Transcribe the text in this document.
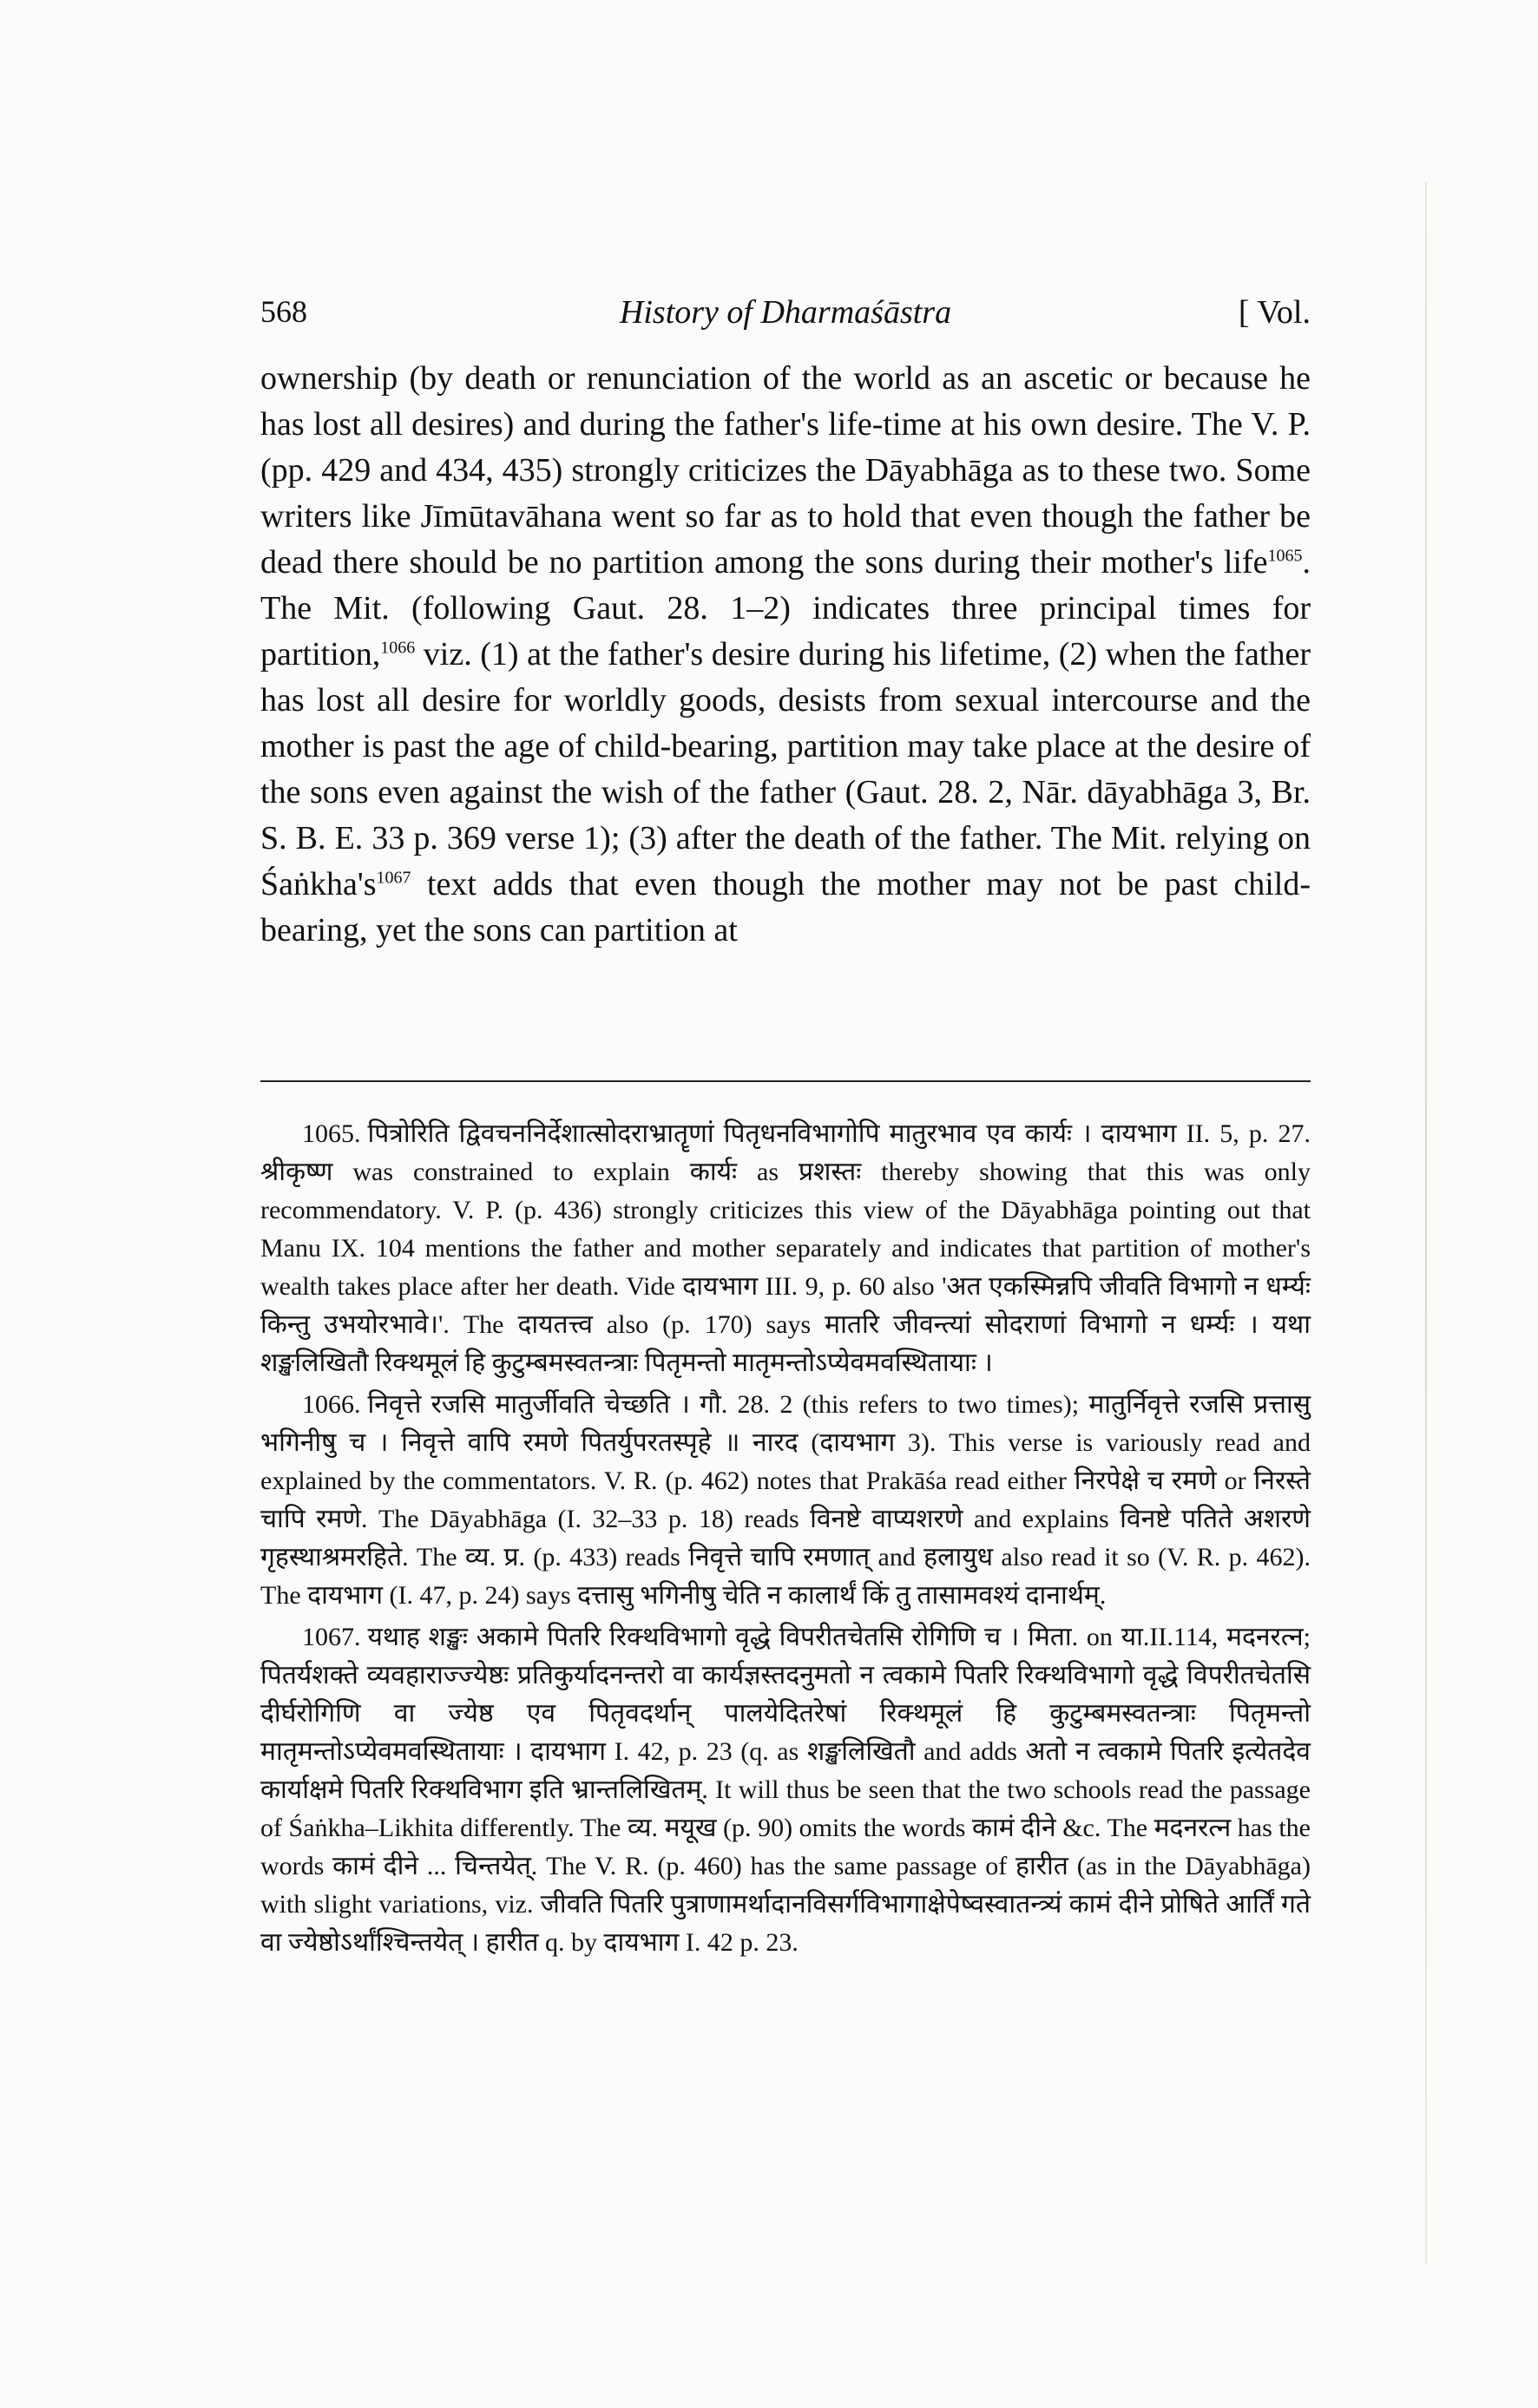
568	History of Dharmaśāstra	[ Vol.

ownership (by death or renunciation of the world as an ascetic or because he has lost all desires) and during the father's life-time at his own desire. The V. P. (pp. 429 and 434, 435) strongly criticizes the Dāyabhāga as to these two. Some writers like Jīmūtavāhana went so far as to hold that even though the father be dead there should be no partition among the sons during their mother's life$^{1065}$. The Mit. (following Gaut. 28. 1–2) indicates three principal times for partition,$^{1066}$ viz. (1) at the father's desire during his lifetime, (2) when the father has lost all desire for worldly goods, desists from sexual intercourse and the mother is past the age of child-bearing, partition may take place at the desire of the sons even against the wish of the father (Gaut. 28. 2, Nār. dāyabhāga 3, Br. S. B. E. 33 p. 369 verse 1); (3) after the death of the father. The Mit. relying on $Śaṅkha's^{1067}$ text adds that even though the mother may not be past child-bearing, yet the sons can partition at

1065. पित्रोरिति द्विवचननिर्देशात्सोदराभ्रातॄणां पितृधनविभागोपि मातुरभाव एव कार्यः । दायभाग II. 5, p. 27. श्रीकृष्ण was constrained to explain कार्यः as प्रशस्तः thereby showing that this was only recommendatory. V. P. (p. 436) strongly criticizes this view of the Dāyabhāga pointing out that Manu IX. 104 mentions the father and mother separately and indicates that partition of mother's wealth takes place after her death. Vide दायभाग III. 9, p. 60 also 'अत एकस्मिन्नपि जीवति विभागो न धर्म्यः किन्तु उभयोरभावे।'. The दायतत्त्व also (p. 170) says मातरि जीवन्त्यां सोदराणां विभागो न धर्म्यः । यथा शङ्खलिखितौ रिक्थमूलं हि कुटुम्बमस्वतन्त्राः पितृमन्तो मातृमन्तोऽप्येवमवस्थितायाः ।

1066. निवृत्ते रजसि मातुर्जीवति चेच्छति । गौ. 28. 2 (this refers to two times); मातुर्निवृत्ते रजसि प्रत्तासु भगिनीषु च । निवृत्ते वापि रमणे पितर्युपरतस्पृहे ॥ नारद (दायभाग 3). This verse is variously read and explained by the commentators. V. R. (p. 462) notes that Prakāśa read either निरपेक्षे च रमणे or निरस्ते चापि रमणे. The Dāyabhāga (I. 32–33 p. 18) reads विनष्टे वाप्यशरणे and explains विनष्टे पतिते अशरणे गृहस्थाश्रमरहिते. The व्य. प्र. (p. 433) reads निवृत्ते चापि रमणात् and हलायुध also read it so (V. R. p. 462). The दायभाग (I. 47, p. 24) says दत्तासु भगिनीषु चेति न कालार्थं किं तु तासामवश्यं दानार्थम्.

1067. यथाह शङ्खः अकामे पितरि रिक्थविभागो वृद्धे विपरीतचेतसि रोगिणि च । मिता. on या.II.114, मदनरत्न; पितर्यशक्ते व्यवहाराज्ज्येष्ठः प्रतिकुर्यादनन्तरो वा कार्यज्ञस्तदनुमतो न त्वकामे पितरि रिक्थविभागो वृद्धे विपरीतचेतसि दीर्घरोगिणि वा ज्येष्ठ एव पितृवदर्थान् पालयेदितरेषां रिक्थमूलं हि कुटुम्बमस्वतन्त्राः पितृमन्तो मातृमन्तोऽप्येवमवस्थितायाः । दायभाग I. 42, p. 23 (q. as शङ्खलिखितौ and adds अतो न त्वकामे पितरि इत्येतदेव कार्याक्षमे पितरि रिक्थविभाग इति भ्रान्तलिखितम्. It will thus be seen that the two schools read the passage of Śaṅkha–Likhita differently. The व्य. मयूख (p. 90) omits the words कामं दीने &c. The मदनरत्न has the words कामं दीने ... चिन्तयेत्. The V. R. (p. 460) has the same passage of हारीत (as in the Dāyabhāga) with slight variations, viz. जीवति पितरि पुत्राणामर्थादानविसर्गविभागाक्षेपेष्वस्वातन्त्र्यं कामं दीने प्रोषिते आर्तिं गते वा ज्येष्ठोऽर्थांश्चिन्तयेत् । हारीत q. by दायभाग I. 42 p. 23.
